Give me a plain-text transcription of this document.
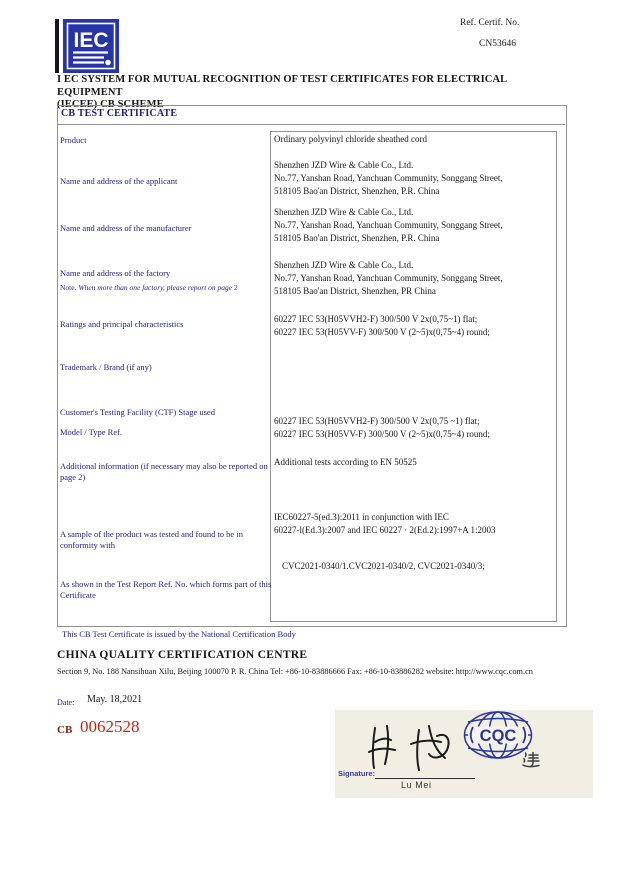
IEC
Ref. Certif. No.
CN53646
I EC SYSTEM FOR MUTUAL RECOGNITION OF TEST CERTIFICATES FOR ELECTRICAL EQUIPMENT
(IECEE) CB SCHEME
CB TEST CERTIFICATE
Product
Name and address of the applicant
Name and address of the manufacturer
Name and address of the factory
Note. When more than one factory, please report on page 2
Ratings and principal characteristics
Trademark / Brand (if any)
Customer's Testing Facility (CTF) Stage used
Model / Type Ref.
Additional information (if necessary may also be reported on page 2)
A sample of the product was tested and found to be in conformity with
As shown in the Test Report Ref. No. which forms part of this Certificate
Ordinary polyvinyl chloride sheathed cord
Shenzhen JZD Wire & Cable Co., Ltd.
No.77, Yanshan Road, Yanchuan Community, Songgang Street,
518105 Bao'an District, Shenzhen, P.R. China
Shenzhen JZD Wire & Cable Co., Ltd.
No.77, Yanshan Road, Yanchuan Community, Songgang Street,
518105 Bao'an District, Shenzhen, P.R. China
Shenzhen JZD Wire & Cable Co., Ltd.
No.77, Yanshan Road, Yanchuan Community, Songgang Street,
518105 Bao'an District, Shenzhen, PR China
60227 IEC 53(H05VVH2-F) 300/500 V 2x(0,75~1) flat;
60227 IEC 53(H05VV-F) 300/500 V (2~5)x(0,75~4) round;
60227 IEC 53(H05VVH2-F) 300/500 V 2x(0,75 ~1) flat;
60227 IEC 53(H05VV-F) 300/500 V (2~5)x(0,75~4) round;
Additional tests according to EN 50525
IEC60227-5(ed.3):2011 in conjunction with IEC
60227-l(Ed.3):2007 and IEC 60227 · 2(Ed.2):1997+A 1:2003
CVC2021-0340/1.CVC2021-0340/2, CVC2021-0340/3;
This CB Test Certificate is issued by the National Certification Body
CHINA QUALITY CERTIFICATION CENTRE
Section 9, No. 188 Nansihuan Xilu, Beijing 100070 P. R. China Tel: +86-10-83886666 Fax: +86-10-83886282 website: http://www.cqc.com.cn
Date: May. 18,2021
CB 0062528	CQC
Signature:
Lu Mei
